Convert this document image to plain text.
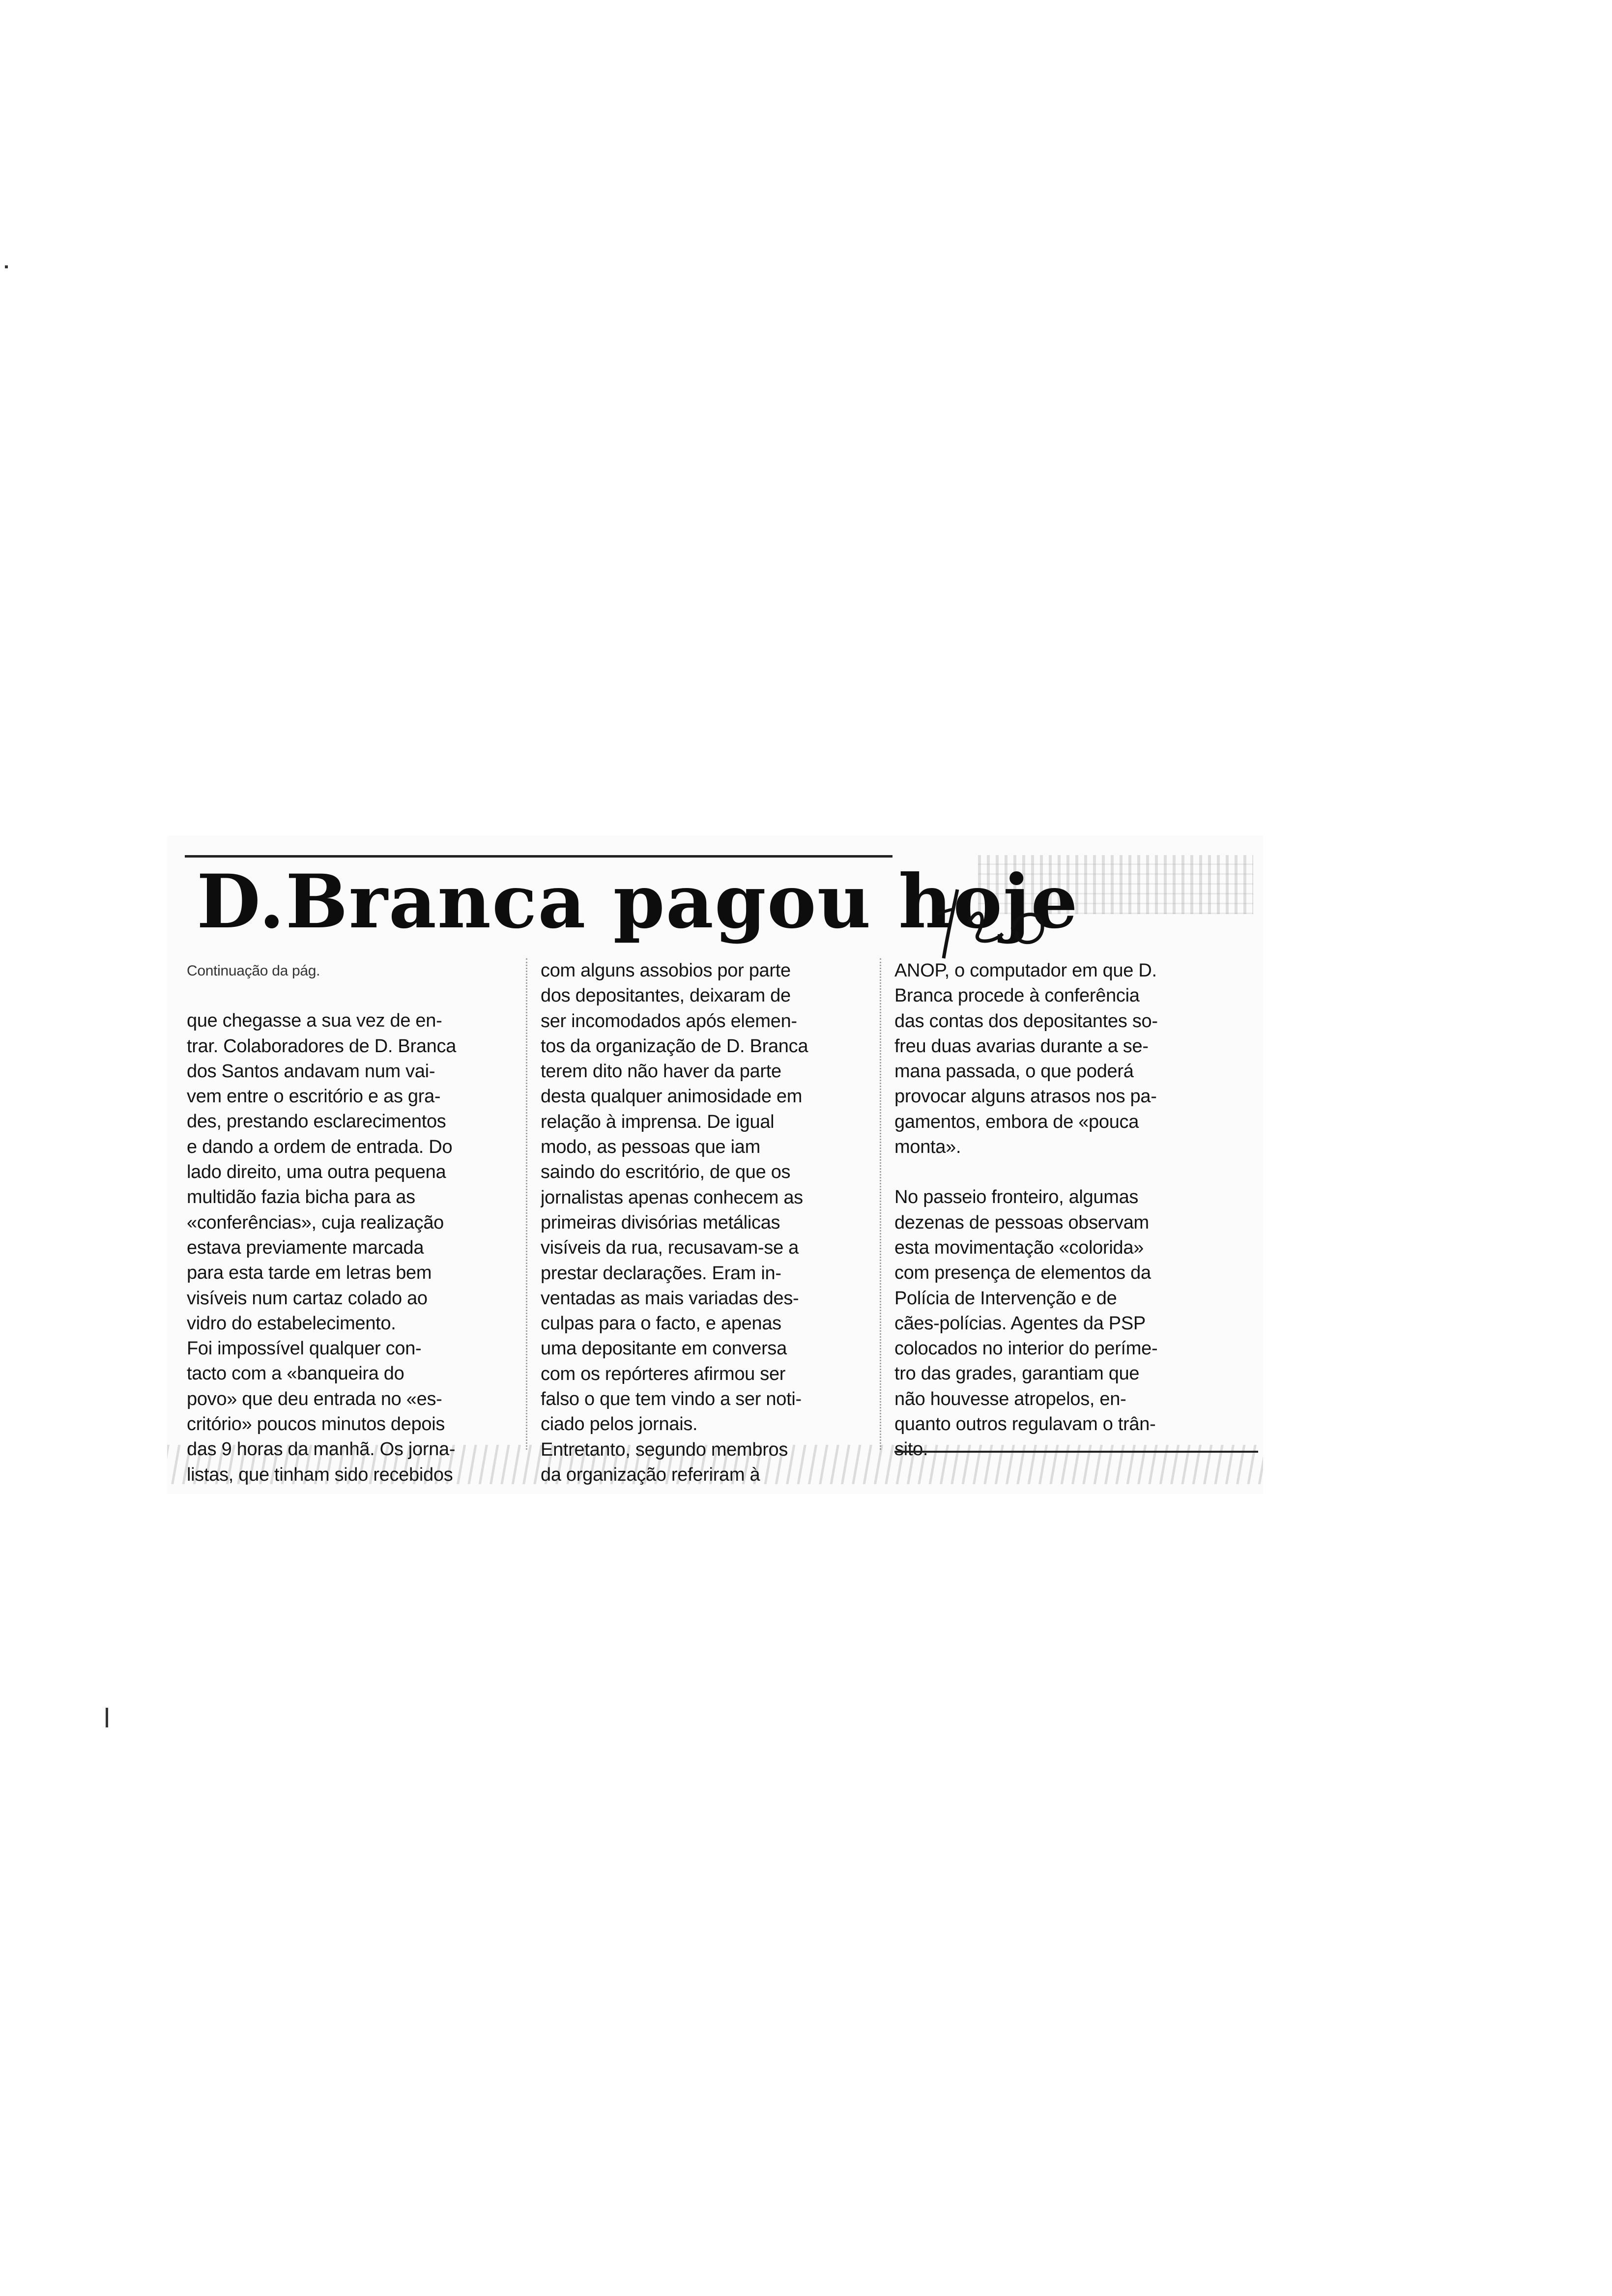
D.Branca pagou hoje

Continuação da pág.

que chegasse a sua vez de en-

trar. Colaboradores de D. Branca

dos Santos andavam num vai-

vem entre o escritório e as gra-

des, prestando esclarecimentos

e dando a ordem de entrada. Do

lado direito, uma outra pequena

multidão fazia bicha para as

«conferências», cuja realização

estava previamente marcada

para esta tarde em letras bem

visíveis num cartaz colado ao

vidro do estabelecimento.

Foi impossível qualquer con-

tacto com a «banqueira do

povo» que deu entrada no «es-

critório» poucos minutos depois

das 9 horas da manhã. Os jorna-

listas, que tinham sido recebidos

com alguns assobios por parte

dos depositantes, deixaram de

ser incomodados após elemen-

tos da organização de D. Branca

terem dito não haver da parte

desta qualquer animosidade em

relação à imprensa. De igual

modo, as pessoas que iam

saindo do escritório, de que os

jornalistas apenas conhecem as

primeiras divisórias metálicas

visíveis da rua, recusavam-se a

prestar declarações. Eram in-

ventadas as mais variadas des-

culpas para o facto, e apenas

uma depositante em conversa

com os repórteres afirmou ser

falso o que tem vindo a ser noti-

ciado pelos jornais.

Entretanto, segundo membros

da organização referiram à

ANOP, o computador em que D.

Branca procede à conferência

das contas dos depositantes so-

freu duas avarias durante a se-

mana passada, o que poderá

provocar alguns atrasos nos pa-

gamentos, embora de «pouca

monta».

No passeio fronteiro, algumas

dezenas de pessoas observam

esta movimentação «colorida»

com presença de elementos da

Polícia de Intervenção e de

cães-polícias. Agentes da PSP

colocados no interior do períme-

tro das grades, garantiam que

não houvesse atropelos, en-

quanto outros regulavam o trân-

sito.
